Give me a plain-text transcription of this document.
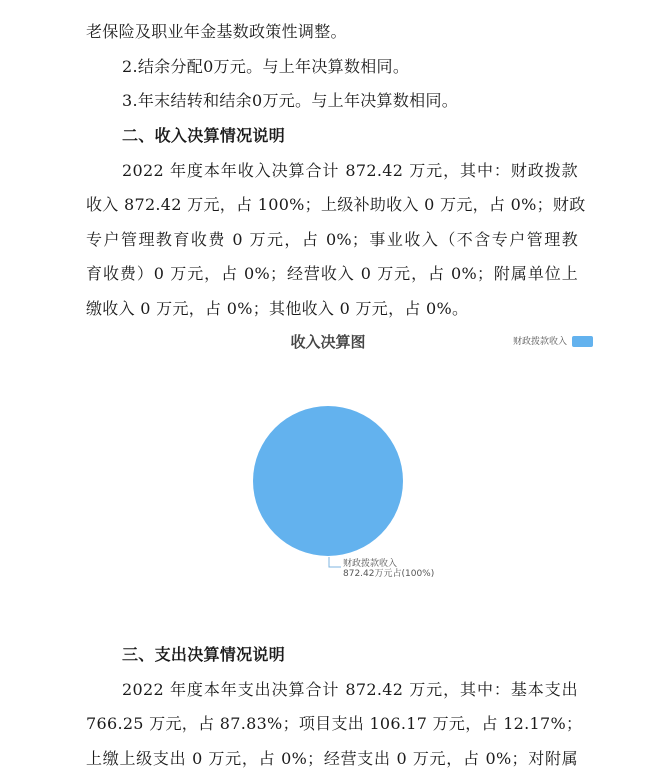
老保险及职业年金基数政策性调整。
2.结余分配0万元。与上年决算数相同。
3.年末结转和结余0万元。与上年决算数相同。
二、收入决算情况说明
2022 年度本年收入决算合计 872.42 万元，其中：财政拨款
收入 872.42 万元，占 100%；上级补助收入 0 万元，占 0%；财政
专户管理教育收费 0 万元，占 0%；事业收入（不含专户管理教
育收费）0 万元，占 0%；经营收入 0 万元，占 0%；附属单位上
缴收入 0 万元，占 0%；其他收入 0 万元，占 0%。
收入决算图	财政拨款收入
财政拨款收入
872.42万元占(100%)
三、支出决算情况说明
2022 年度本年支出决算合计 872.42 万元，其中：基本支出
766.25 万元，占 87.83%；项目支出 106.17 万元，占 12.17%；
上缴上级支出 0 万元，占 0%；经营支出 0 万元，占 0%；对附属
